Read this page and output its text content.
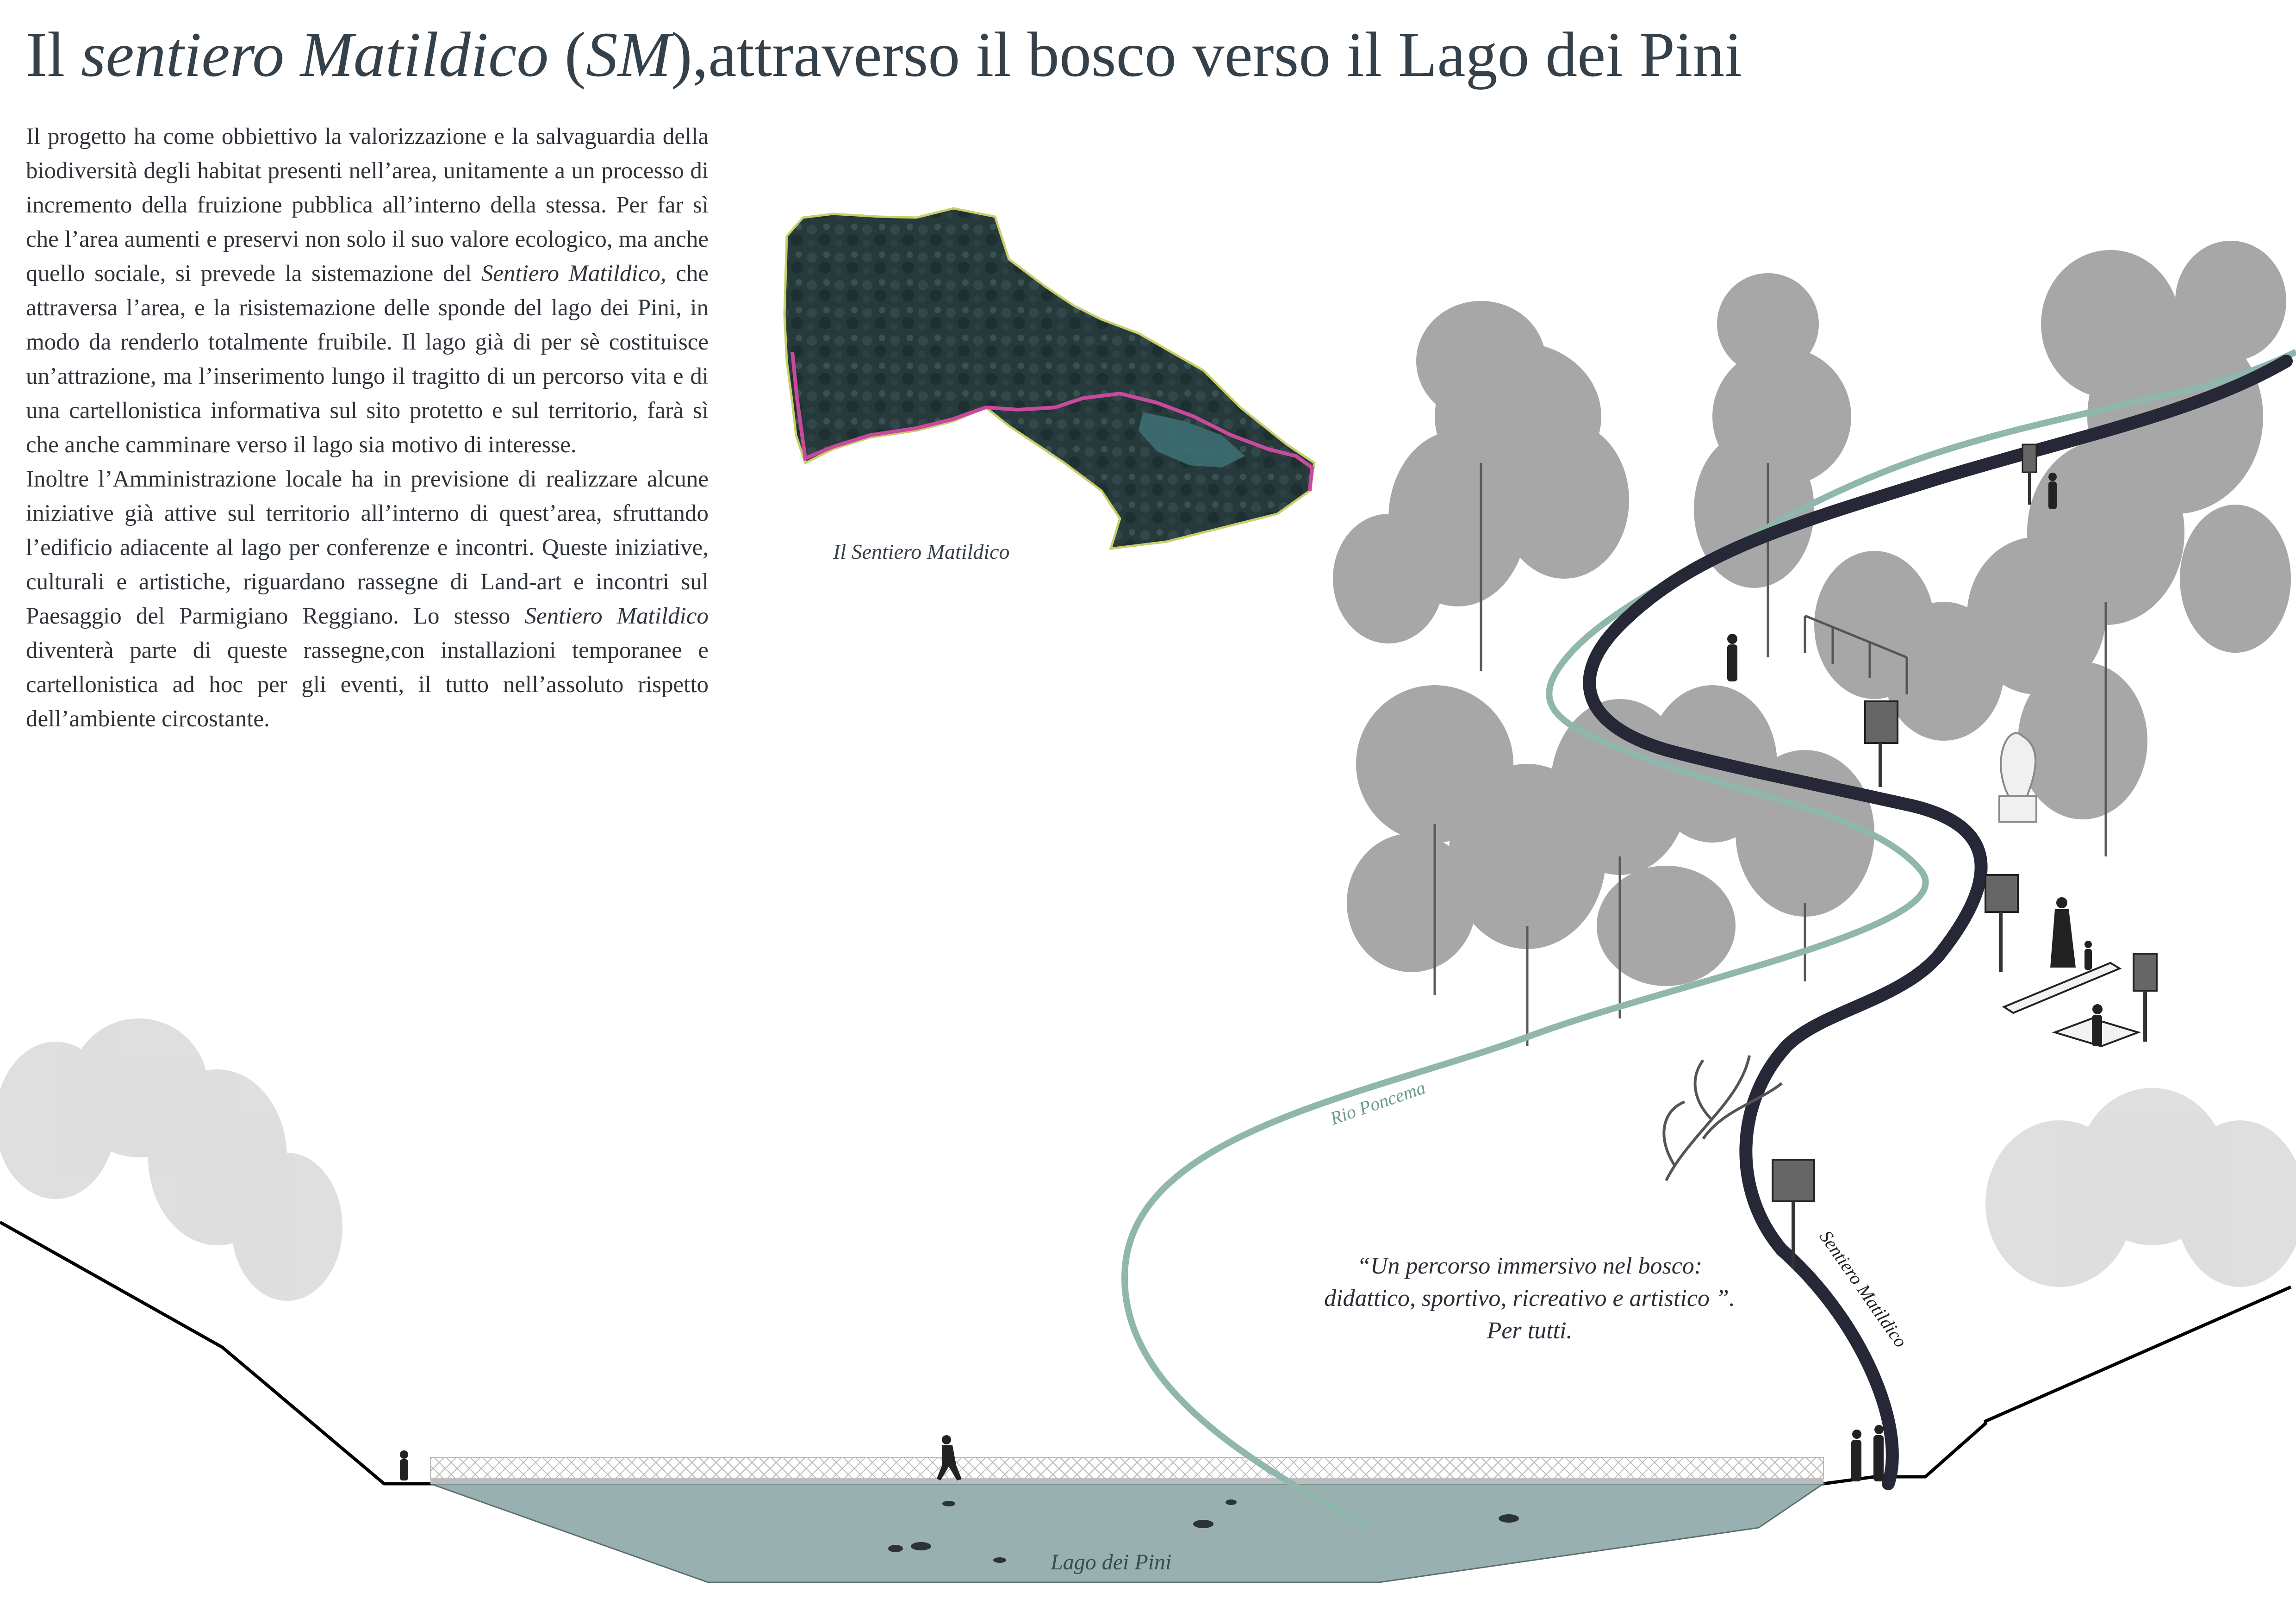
Il sentiero Matildico (SM),attraverso il bosco verso il Lago dei Pini

Il progetto ha come obbiettivo la valorizzazione e la salvaguardia della biodiversità degli habitat presenti nell’area, unitamente a un processo di incremento della fruizione pubblica all’interno della stessa. Per far sì che l’area aumenti e preservi non solo il suo valore ecologico, ma anche quello sociale, si prevede la sistemazione del Sentiero Matildico, che attraversa l’area, e la risistemazione delle sponde del lago dei Pini, in modo da renderlo totalmente fruibile. Il lago già di per sè costituisce un’attrazione, ma l’inserimento lungo il tragitto di un percorso vita e di una cartellonistica informativa sul sito protetto e sul territorio, farà sì che anche camminare verso il lago sia motivo di interesse.

Inoltre l’Amministrazione locale ha in previsione di realizzare alcune iniziative già attive sul territorio all’interno di quest’area, sfruttando l’edificio adiacente al lago per conferenze e incontri. Queste iniziative, culturali e artistiche, riguardano rassegne di Land-art e incontri sul Paesaggio del Parmigiano Reggiano. Lo stesso Sentiero Matildico diventerà parte di queste rassegne,con installazioni temporanee e cartellonistica ad hoc per gli eventi, il tutto nell’assoluto rispetto dell’ambiente circostante.

Il Sentiero Matildico
“Un percorso immersivo nel bosco:
didattico, sportivo, ricreativo e artistico ”.
Per tutti.
Rio Poncema
Sentiero Matildico
Lago dei Pini
